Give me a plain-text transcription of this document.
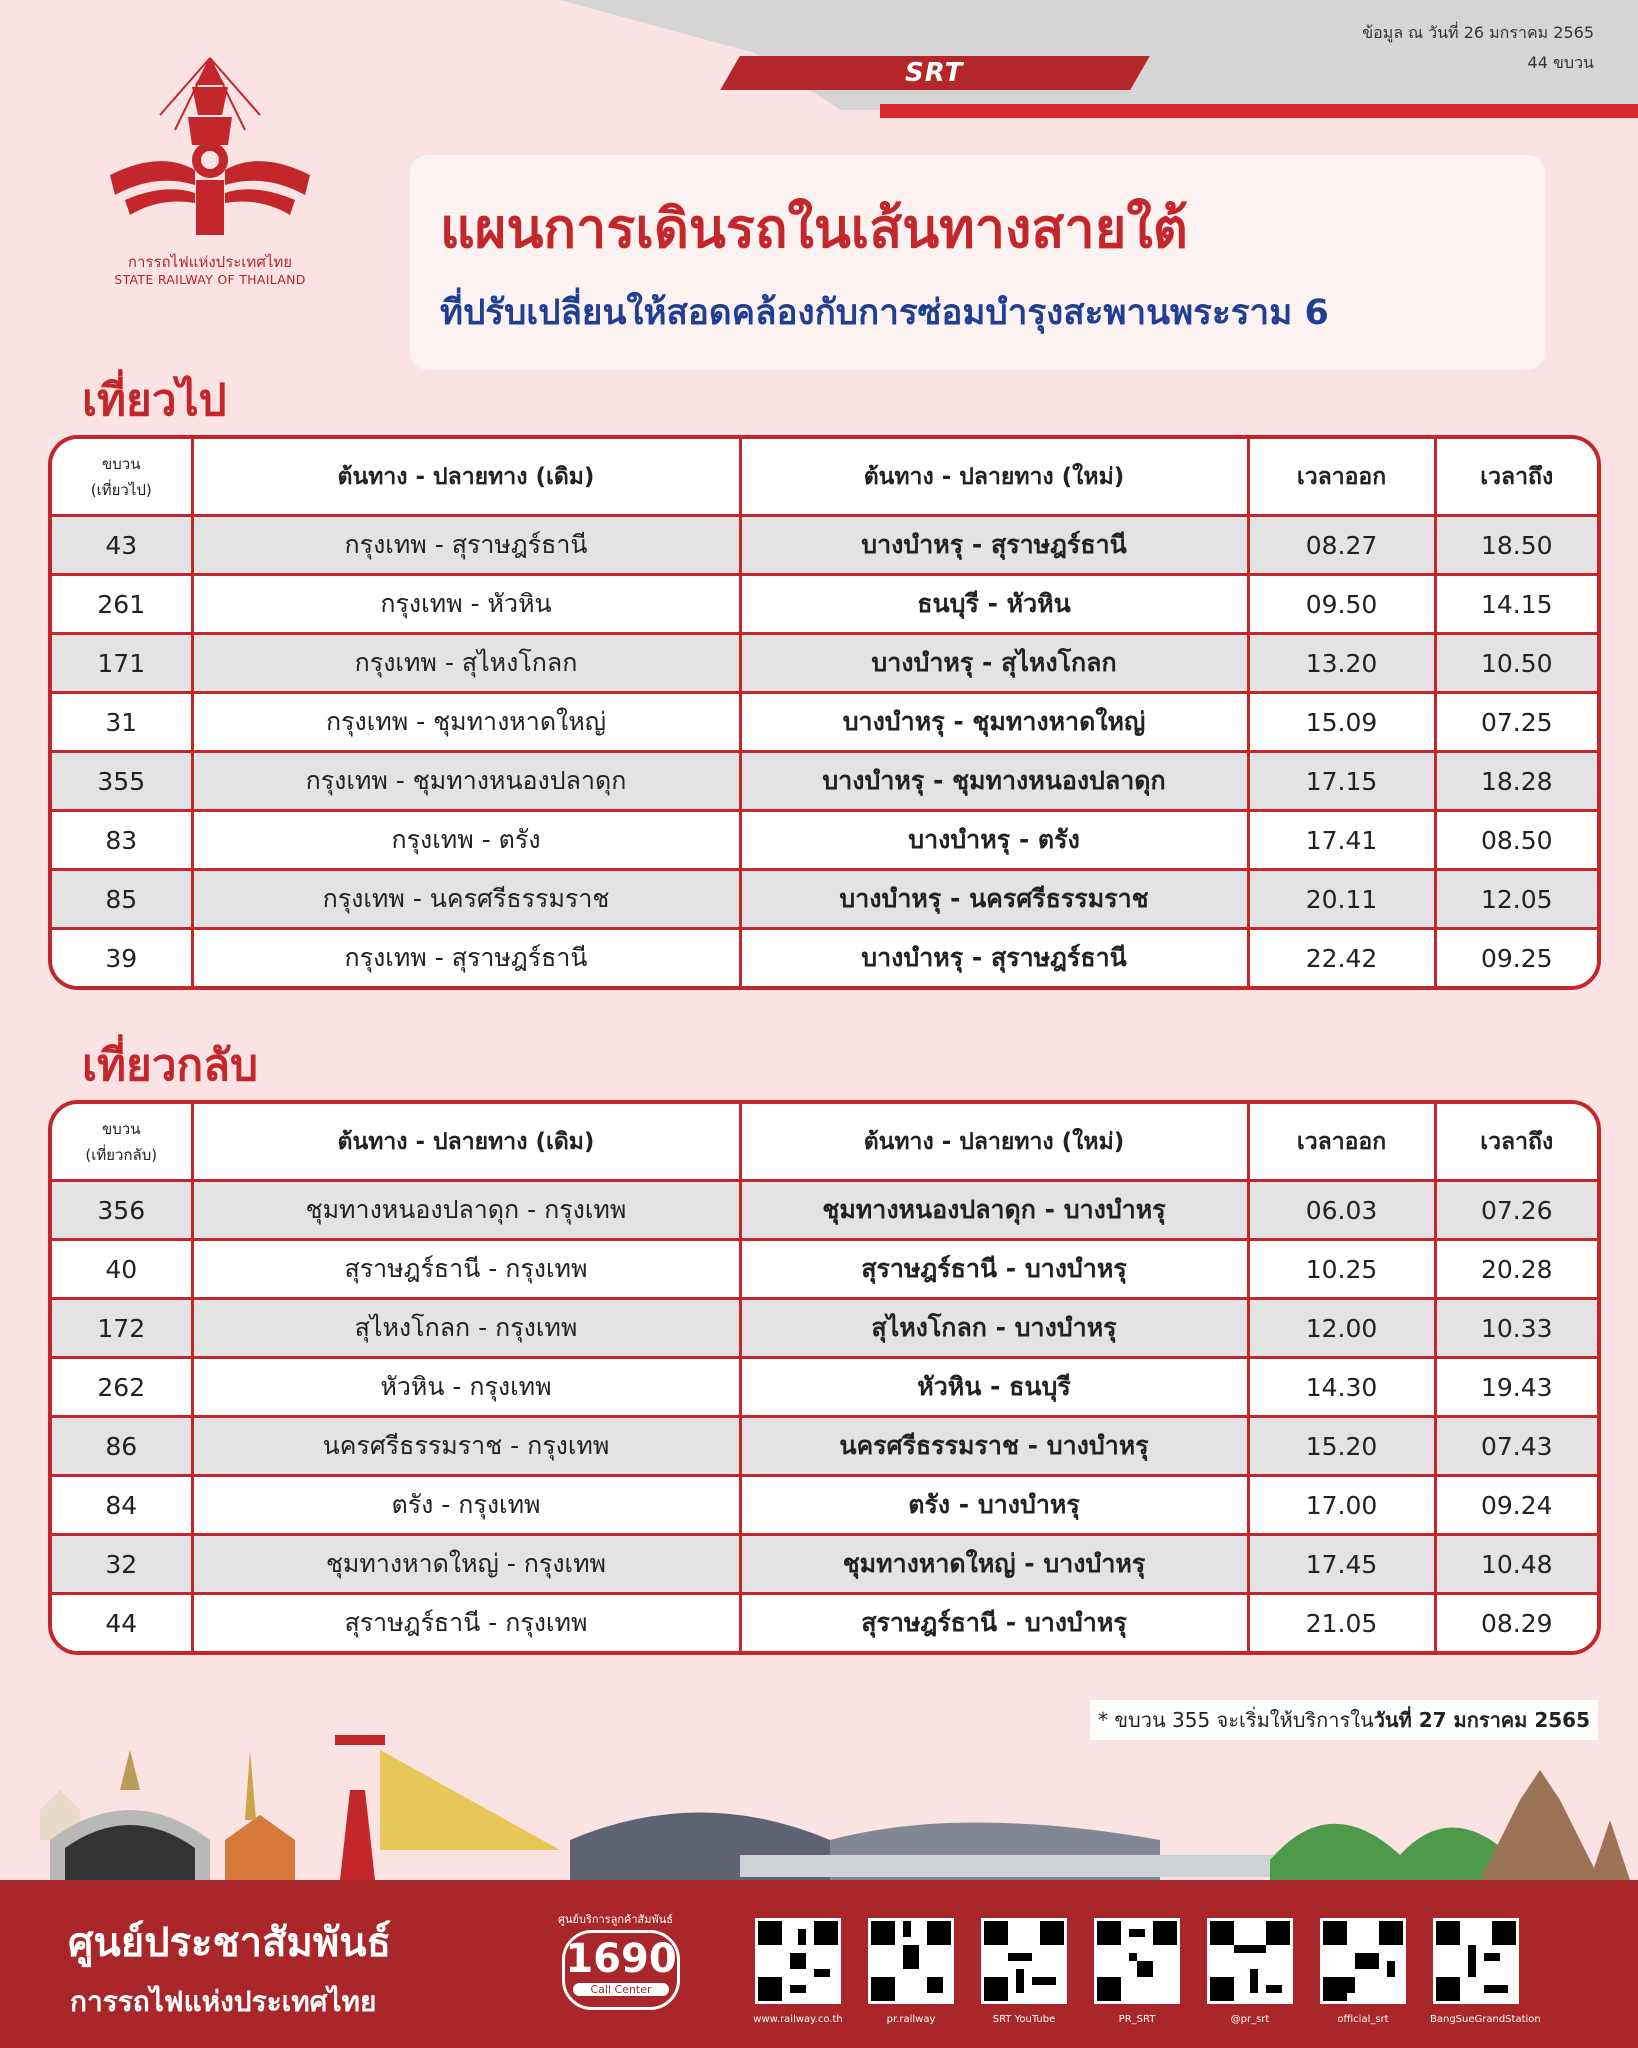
SRT
ข้อมูล ณ วันที่ 26 มกราคม 2565
44 ขบวน
การรถไฟแห่งประเทศไทย
STATE RAILWAY OF THAILAND
แผนการเดินรถในเส้นทางสายใต้
ที่ปรับเปลี่ยนให้สอดคล้องกับการซ่อมบำรุงสะพานพระราม 6
เที่ยวไป
ขบวน
(เที่ยวไป)	ต้นทาง - ปลายทาง (เดิม)	ต้นทาง - ปลายทาง (ใหม่)	เวลาออก	เวลาถึง
43	กรุงเทพ - สุราษฎร์ธานี	บางบำหรุ - สุราษฎร์ธานี	08.27	18.50
261	กรุงเทพ - หัวหิน	ธนบุรี - หัวหิน	09.50	14.15
171	กรุงเทพ - สุไหงโกลก	บางบำหรุ - สุไหงโกลก	13.20	10.50
31	กรุงเทพ - ชุมทางหาดใหญ่	บางบำหรุ - ชุมทางหาดใหญ่	15.09	07.25
355	กรุงเทพ - ชุมทางหนองปลาดุก	บางบำหรุ - ชุมทางหนองปลาดุก	17.15	18.28
83	กรุงเทพ - ตรัง	บางบำหรุ - ตรัง	17.41	08.50
85	กรุงเทพ - นครศรีธรรมราช	บางบำหรุ - นครศรีธรรมราช	20.11	12.05
39	กรุงเทพ - สุราษฎร์ธานี	บางบำหรุ - สุราษฎร์ธานี	22.42	09.25
เที่ยวกลับ
ขบวน
(เที่ยวกลับ)	ต้นทาง - ปลายทาง (เดิม)	ต้นทาง - ปลายทาง (ใหม่)	เวลาออก	เวลาถึง
356	ชุมทางหนองปลาดุก - กรุงเทพ	ชุมทางหนองปลาดุก - บางบำหรุ	06.03	07.26
40	สุราษฎร์ธานี - กรุงเทพ	สุราษฎร์ธานี - บางบำหรุ	10.25	20.28
172	สุไหงโกลก - กรุงเทพ	สุไหงโกลก - บางบำหรุ	12.00	10.33
262	หัวหิน - กรุงเทพ	หัวหิน - ธนบุรี	14.30	19.43
86	นครศรีธรรมราช - กรุงเทพ	นครศรีธรรมราช - บางบำหรุ	15.20	07.43
84	ตรัง - กรุงเทพ	ตรัง - บางบำหรุ	17.00	09.24
32	ชุมทางหาดใหญ่ - กรุงเทพ	ชุมทางหาดใหญ่ - บางบำหรุ	17.45	10.48
44	สุราษฎร์ธานี - กรุงเทพ	สุราษฎร์ธานี - บางบำหรุ	21.05	08.29
* ขบวน 355 จะเริ่มให้บริการในวันที่ 27 มกราคม 2565
ศูนย์ประชาสัมพันธ์
การรถไฟแห่งประเทศไทย
ศูนย์บริการลูกค้าสัมพันธ์
1690
Call Center
www.railway.co.th	pr.railway	SRT YouTube	PR_SRT	@pr_srt	official_srt	BangSueGrandStation
